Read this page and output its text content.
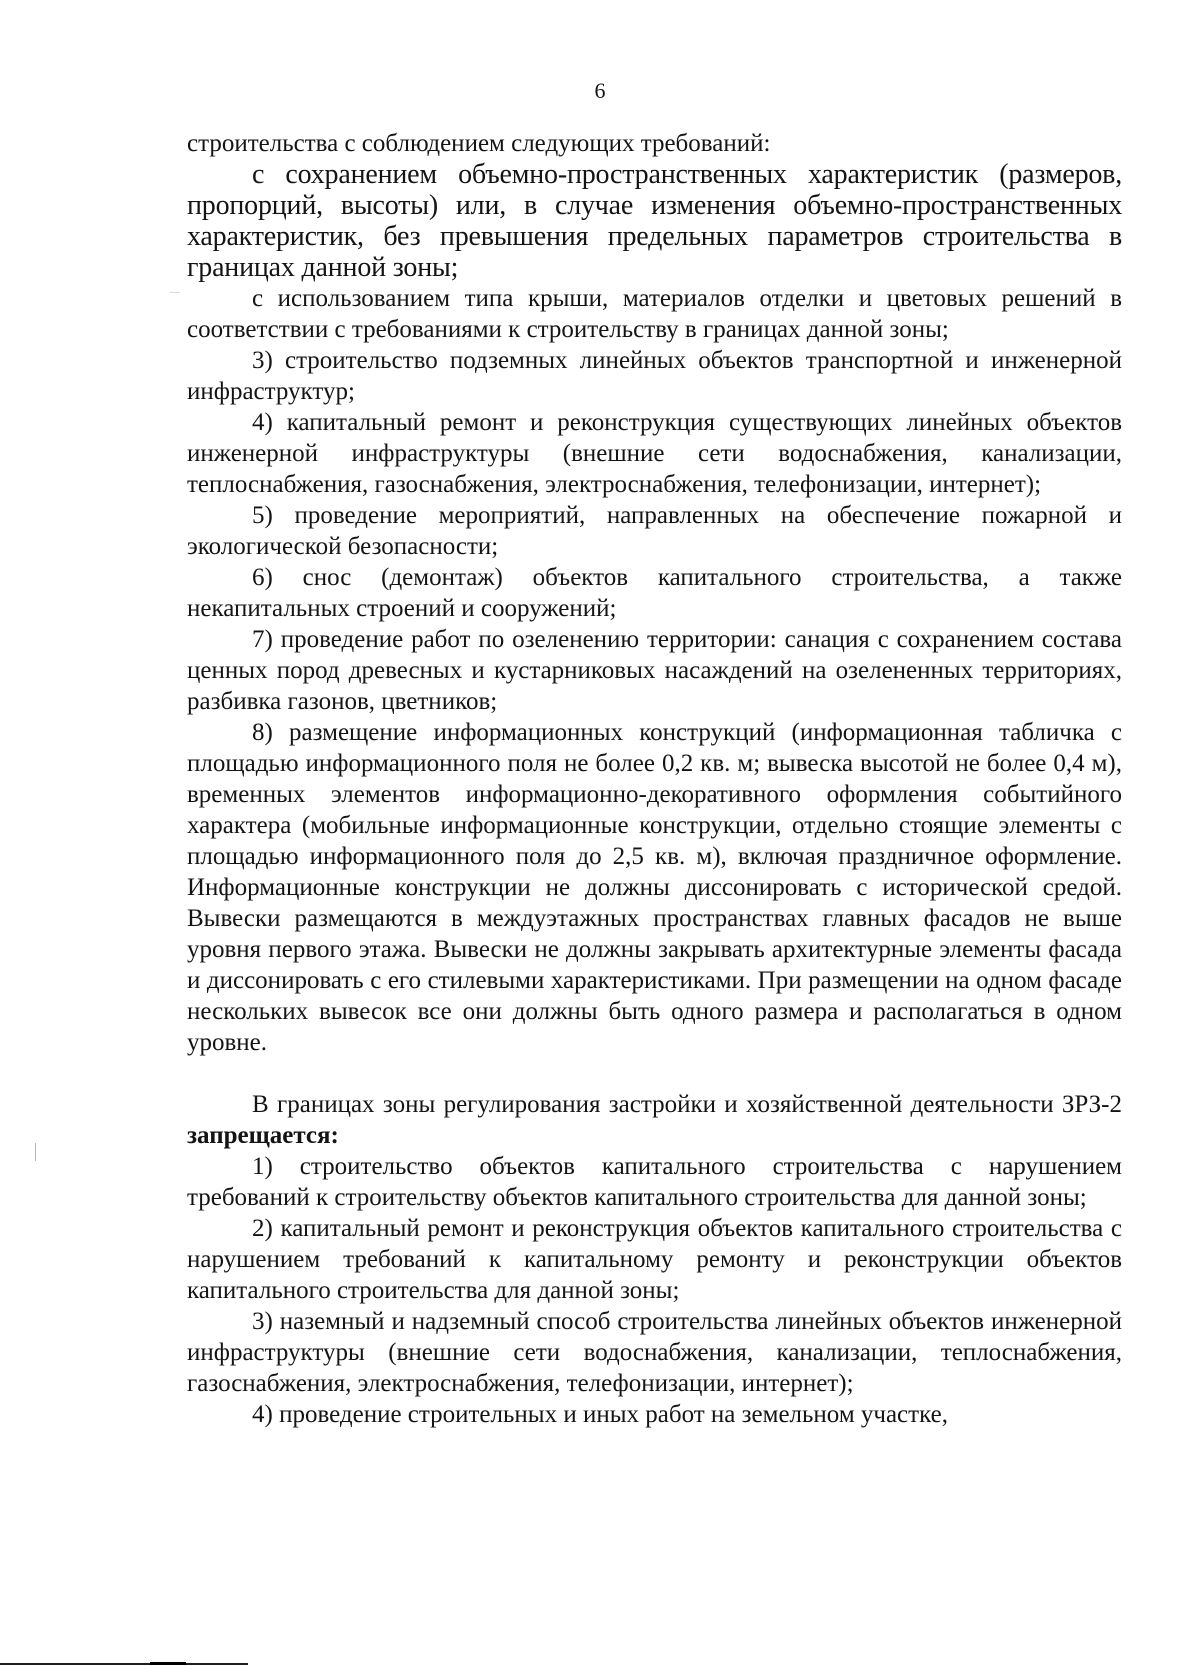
6

строительства с соблюдением следующих требований:

с сохранением объемно-пространственных характеристик (размеров, пропорций, высоты) или, в случае изменения объемно-пространственных характеристик, без превышения предельных параметров строительства в границах данной зоны;

с использованием типа крыши, материалов отделки и цветовых решений в соответствии с требованиями к строительству в границах данной зоны;

3) строительство подземных линейных объектов транспортной и инженерной инфраструктур;

4) капитальный ремонт и реконструкция существующих линейных объектов инженерной инфраструктуры (внешние сети водоснабжения, канализации, теплоснабжения, газоснабжения, электроснабжения, телефонизации, интернет);

5) проведение мероприятий, направленных на обеспечение пожарной и экологической безопасности;

6) снос (демонтаж) объектов капитального строительства, а также некапитальных строений и сооружений;

7) проведение работ по озеленению территории: санация с сохранением состава ценных пород древесных и кустарниковых насаждений на озелененных территориях, разбивка газонов, цветников;

8) размещение информационных конструкций (информационная табличка с площадью информационного поля не более 0,2 кв. м; вывеска высотой не более 0,4 м), временных элементов информационно-декоративного оформления событийного характера (мобильные информационные конструкции, отдельно стоящие элементы с площадью информационного поля до 2,5 кв. м), включая праздничное оформление. Информационные конструкции не должны диссонировать с исторической средой. Вывески размещаются в междуэтажных пространствах главных фасадов не выше уровня первого этажа. Вывески не должны закрывать архитектурные элементы фасада и диссонировать с его стилевыми характеристиками. При размещении на одном фасаде нескольких вывесок все они должны быть одного размера и располагаться в одном уровне.

В границах зоны регулирования застройки и хозяйственной деятельности ЗРЗ-2 запрещается:

1) строительство объектов капитального строительства с нарушением требований к строительству объектов капитального строительства для данной зоны;

2) капитальный ремонт и реконструкция объектов капитального строительства с нарушением требований к капитальному ремонту и реконструкции объектов капитального строительства для данной зоны;

3) наземный и надземный способ строительства линейных объектов инженерной инфраструктуры (внешние сети водоснабжения, канализации, теплоснабжения, газоснабжения, электроснабжения, телефонизации, интернет);

4) проведение строительных и иных работ на земельном участке,
